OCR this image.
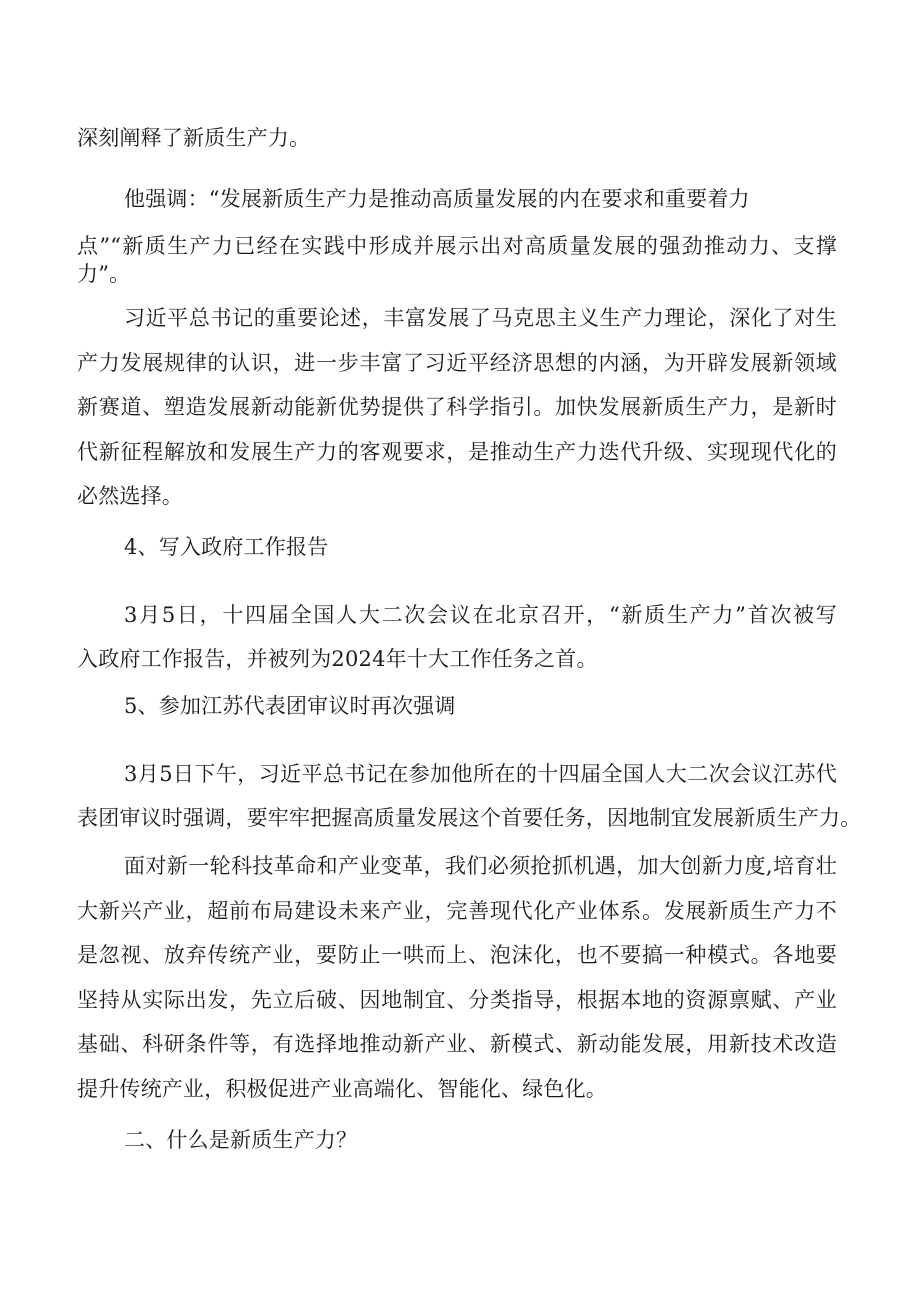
深刻阐释了新质生产力。
他强调：“发展新质生产力是推动高质量发展的内在要求和重要着力
点”“新质生产力已经在实践中形成并展示出对高质量发展的强劲推动力、支撑
力”。
习近平总书记的重要论述，丰富发展了马克思主义生产力理论，深化了对生
产力发展规律的认识，进一步丰富了习近平经济思想的内涵，为开辟发展新领域
新赛道、塑造发展新动能新优势提供了科学指引。加快发展新质生产力，是新时
代新征程解放和发展生产力的客观要求，是推动生产力迭代升级、实现现代化的
必然选择。
4、写入政府工作报告
3月5日，十四届全国人大二次会议在北京召开，“新质生产力”首次被写
入政府工作报告，并被列为2024年十大工作任务之首。
5、参加江苏代表团审议时再次强调
3月5日下午，习近平总书记在参加他所在的十四届全国人大二次会议江苏代
表团审议时强调，要牢牢把握高质量发展这个首要任务，因地制宜发展新质生产力。
面对新一轮科技革命和产业变革，我们必须抢抓机遇，加大创新力度,培育壮
大新兴产业，超前布局建设未来产业，完善现代化产业体系。发展新质生产力不
是忽视、放弃传统产业，要防止一哄而上、泡沫化，也不要搞一种模式。各地要
坚持从实际出发，先立后破、因地制宜、分类指导，根据本地的资源禀赋、产业
基础、科研条件等，有选择地推动新产业、新模式、新动能发展，用新技术改造
提升传统产业，积极促进产业高端化、智能化、绿色化。
二、什么是新质生产力？
